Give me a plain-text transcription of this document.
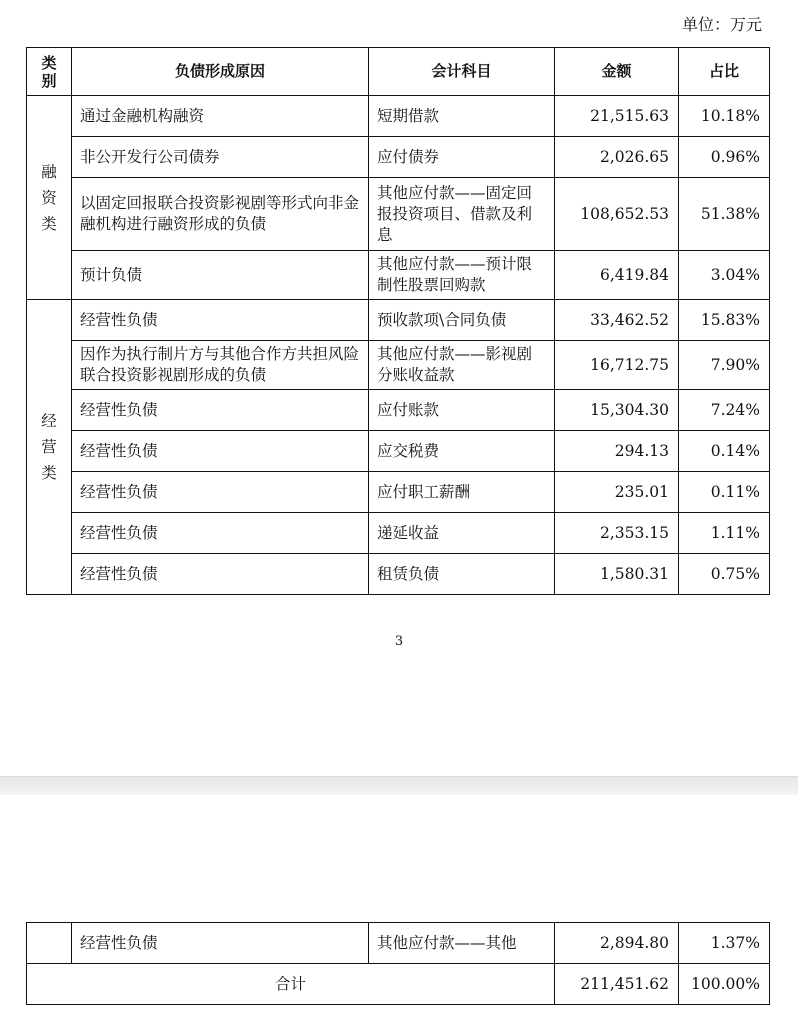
单位：万元
类别	负债形成原因	会计科目	金额	占比
融资类	通过金融机构融资	短期借款	21,515.63	10.18%
	非公开发行公司债券	应付债券	2,026.65	0.96%
	以固定回报联合投资影视剧等形式向非金融机构进行融资形成的负债	其他应付款——固定回报投资项目、借款及利息	108,652.53	51.38%
	预计负债	其他应付款——预计限制性股票回购款	6,419.84	3.04%
经营类	经营性负债	预收款项\合同负债	33,462.52	15.83%
	因作为执行制片方与其他合作方共担风险联合投资影视剧形成的负债	其他应付款——影视剧分账收益款	16,712.75	7.90%
	经营性负债	应付账款	15,304.30	7.24%
	经营性负债	应交税费	294.13	0.14%
	经营性负债	应付职工薪酬	235.01	0.11%
	经营性负债	递延收益	2,353.15	1.11%
	经营性负债	租赁负债	1,580.31	0.75%
3
	经营性负债	其他应付款——其他	2,894.80	1.37%
合计			211,451.62	100.00%
